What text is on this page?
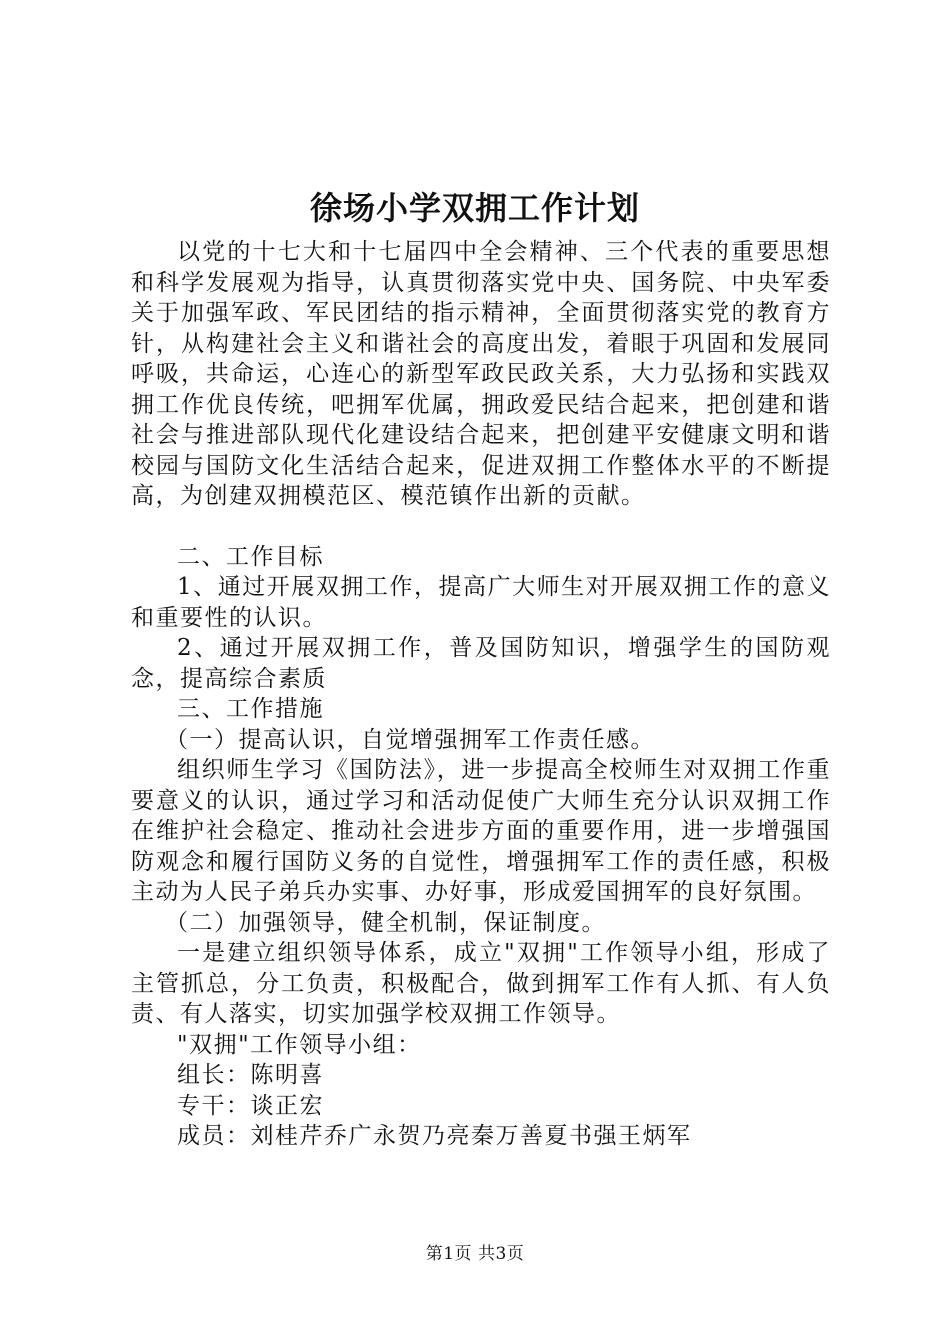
徐场小学双拥工作计划

以党的十七大和十七届四中全会精神、三个代表的重要思想和科学发展观为指导，认真贯彻落实党中央、国务院、中央军委关于加强军政、军民团结的指示精神，全面贯彻落实党的教育方针，从构建社会主义和谐社会的高度出发，着眼于巩固和发展同呼吸，共命运，心连心的新型军政民政关系，大力弘扬和实践双拥工作优良传统，吧拥军优属，拥政爱民结合起来，把创建和谐社会与推进部队现代化建设结合起来，把创建平安健康文明和谐校园与国防文化生活结合起来，促进双拥工作整体水平的不断提高，为创建双拥模范区、模范镇作出新的贡献。

二、工作目标

1、通过开展双拥工作，提高广大师生对开展双拥工作的意义和重要性的认识。

2、通过开展双拥工作，普及国防知识，增强学生的国防观念，提高综合素质

三、工作措施

（一）提高认识，自觉增强拥军工作责任感。

组织师生学习《国防法》，进一步提高全校师生对双拥工作重要意义的认识，通过学习和活动促使广大师生充分认识双拥工作在维护社会稳定、推动社会进步方面的重要作用，进一步增强国防观念和履行国防义务的自觉性，增强拥军工作的责任感，积极主动为人民子弟兵办实事、办好事，形成爱国拥军的良好氛围。

（二）加强领导，健全机制，保证制度。

一是建立组织领导体系，成立"双拥"工作领导小组，形成了主管抓总，分工负责，积极配合，做到拥军工作有人抓、有人负责、有人落实，切实加强学校双拥工作领导。

"双拥"工作领导小组：

组长：陈明喜

专干：谈正宏

成员：刘桂芹乔广永贺乃亮秦万善夏书强王炳军

第1页 共3页
